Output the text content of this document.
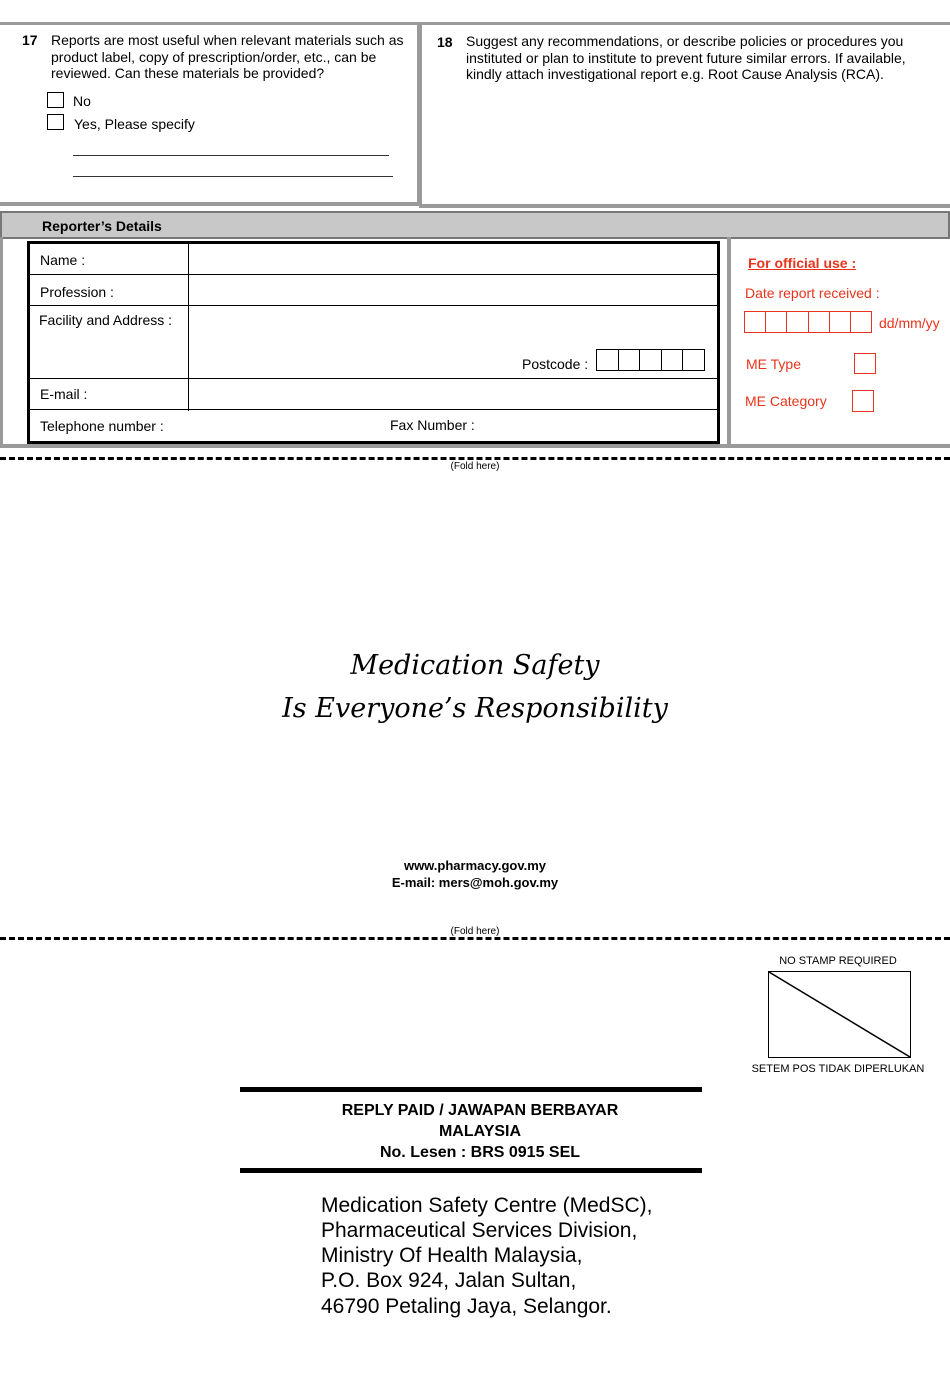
17 Reports are most useful when relevant materials such as product label, copy of prescription/order, etc., can be reviewed. Can these materials be provided?
No
Yes, Please specify
18 Suggest any recommendations, or describe policies or procedures you instituted or plan to institute to prevent future similar errors. If available, kindly attach investigational report e.g. Root Cause Analysis (RCA).
Reporter’s Details
Name :
Profession :
Facility and Address :
Postcode :
E-mail :
Telephone number :	Fax Number :
For official use :
Date report received :
dd/mm/yy
ME Type
ME Category
(Fold here)
Medication Safety
Is Everyone’s Responsibility
www.pharmacy.gov.my
E-mail: mers@moh.gov.my
(Fold here)
NO STAMP REQUIRED
SETEM POS TIDAK DIPERLUKAN
REPLY PAID / JAWAPAN BERBAYAR
MALAYSIA
No. Lesen : BRS 0915 SEL
Medication Safety Centre (MedSC),
Pharmaceutical Services Division,
Ministry Of Health Malaysia,
P.O. Box 924, Jalan Sultan,
46790 Petaling Jaya, Selangor.
